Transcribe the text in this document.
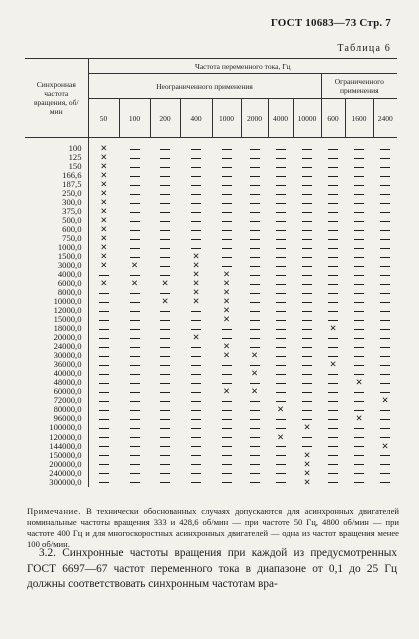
ГОСТ 10683—73 Стр. 7
Таблица 6
Синхронная частота вращения, об/мин	Частота переменного тока, Гц										
	Неограниченного применения								Ограниченного применения		
	50	100	200	400	1000	2000	4000	10000	600	1600	2400
100	✕										
125	✕										
150	✕										
166,6	✕										
187,5	✕										
250,0	✕										
300,0	✕										
375,0	✕										
500,0	✕										
600,0	✕										
750,0	✕										
1000,0	✕										
1500,0	✕			✕							
3000,0	✕	✕		✕							
4000,0				✕	✕						
6000,0	✕	✕	✕	✕	✕						
8000,0				✕	✕						
10000,0			✕	✕	✕						
12000,0					✕						
15000,0					✕						
18000,0									✕		
20000,0				✕							
24000,0					✕						
30000,0					✕	✕					
36000,0									✕		
40000,0						✕					
48000,0										✕	
60000,0					✕	✕					
72000,0											✕
80000,0							✕				
96000,0										✕	
100000,0								✕			
120000,0							✕				
144000,0											✕
150000,0								✕			
200000,0								✕			
240000,0								✕			
300000,0								✕			
Примечание. В технически обоснованных случаях допускаются для асинхронных двигателей номинальные частоты вращения 333 и 428,6 об/мин — при частоте 50 Гц, 4800 об/мин — при частоте 400 Гц и для многоскоростных асинхронных двигателей — одна из частот вращения менее 100 об/мин.
3.2. Синхронные частоты вращения при каждой из предусмотренных ГОСТ 6697—67 частот переменного тока в диапазоне от 0,1 до 25 Гц должны соответствовать синхронным частотам вра-
